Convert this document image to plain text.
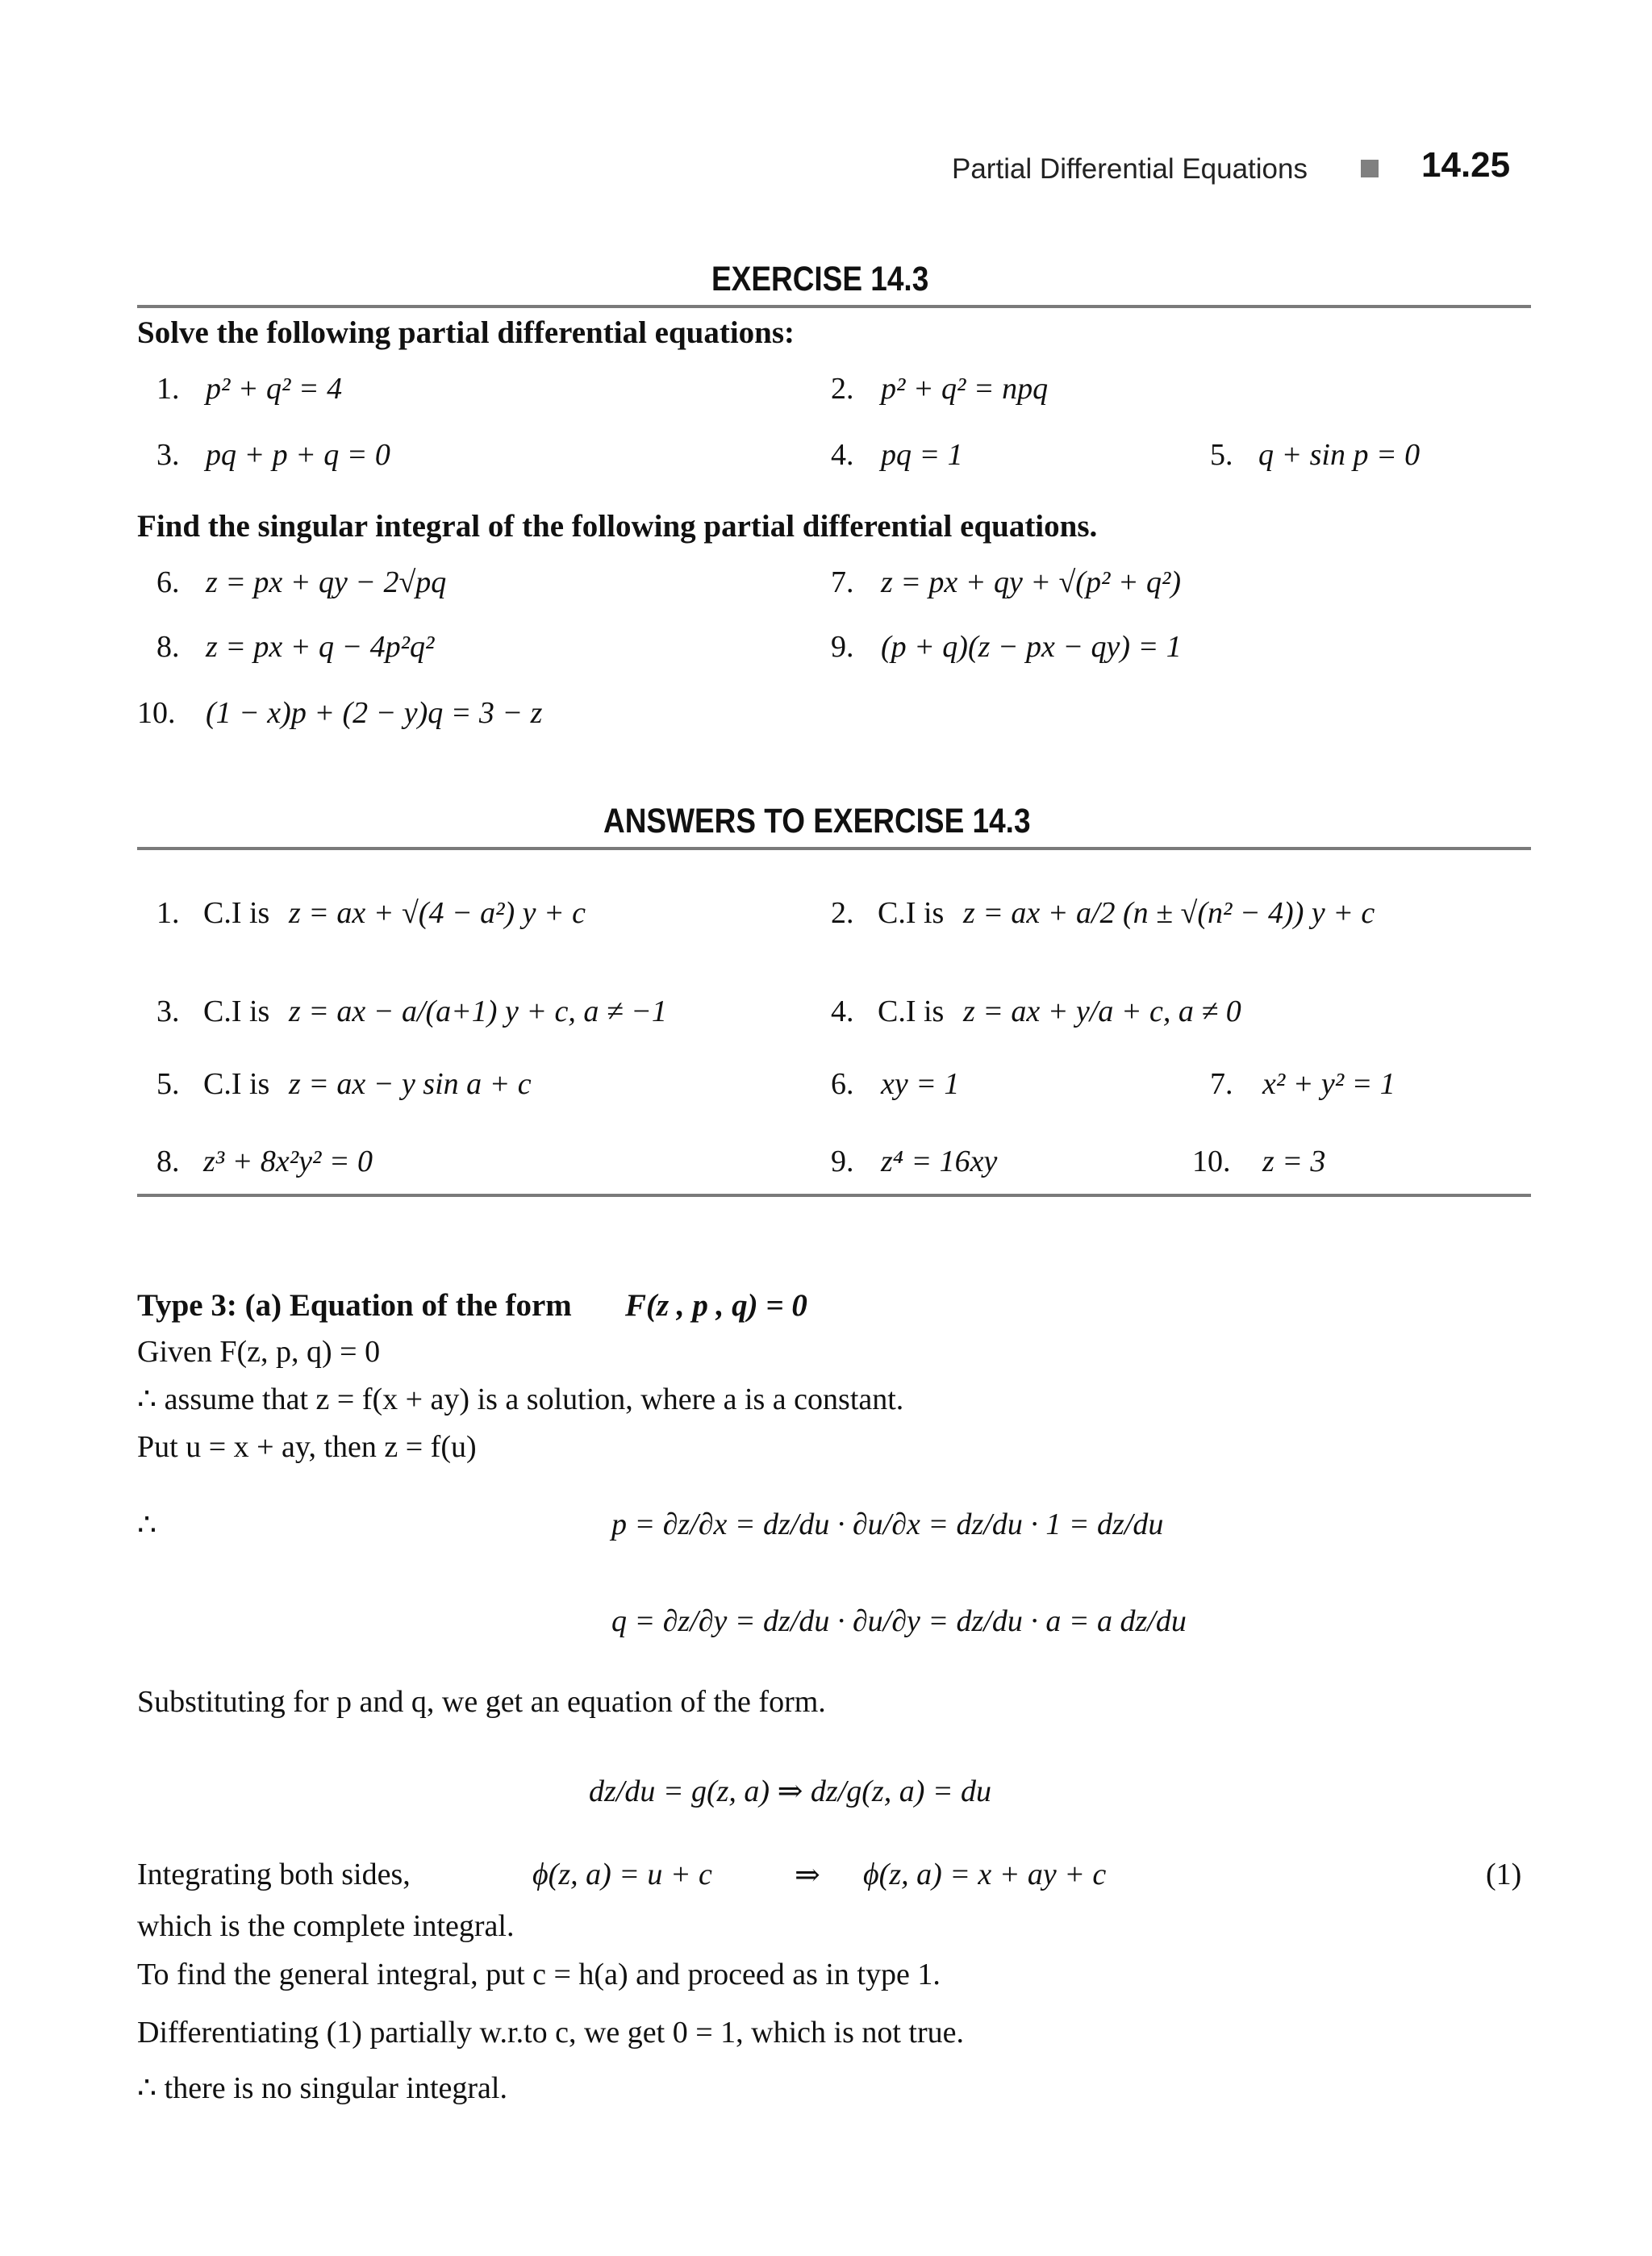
Partial Differential Equations	14.25
EXERCISE 14.3
Solve the following partial differential equations:
1. p² + q² = 4	2. p² + q² = npq
3. pq + p + q = 0	4. pq = 1	5. q + sin p = 0
Find the singular integral of the following partial differential equations.
6. z = px + qy − 2√pq	7. z = px + qy + √(p² + q²)
8. z = px + q − 4p²q²	9. (p + q)(z − px − qy) = 1
10. (1 − x)p + (2 − y)q = 3 − z
ANSWERS TO EXERCISE 14.3
1. C.I is z = ax + √(4 − a²) y + c	2. C.I is z = ax + a/2 (n ± √(n² − 4)) y + c
3. C.I is z = ax − a/(a+1) y + c, a ≠ −1	4. C.I is z = ax + y/a + c, a ≠ 0
5. C.I is z = ax − y sin a + c	6. xy = 1	7. x² + y² = 1
8. z³ + 8x²y² = 0	9. z⁴ = 16xy	10. z = 3
Type 3: (a) Equation of the form F(z , p , q) = 0
Given F(z, p, q) = 0
∴ assume that z = f(x + ay) is a solution, where a is a constant.
Put u = x + ay, then z = f(u)
∴	p = ∂z/∂x = dz/du · ∂u/∂x = dz/du · 1 = dz/du
q = ∂z/∂y = dz/du · ∂u/∂y = dz/du · a = a dz/du
Substituting for p and q, we get an equation of the form.
dz/du = g(z, a) ⇒ dz/g(z, a) = du
Integrating both sides,	ϕ(z, a) = u + c	⇒ ϕ(z, a) = x + ay + c	(1)
which is the complete integral.
To find the general integral, put c = h(a) and proceed as in type 1.
Differentiating (1) partially w.r.to c, we get 0 = 1, which is not true.
∴ there is no singular integral.
